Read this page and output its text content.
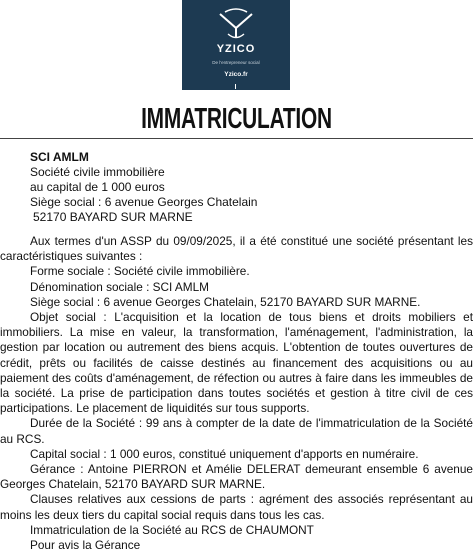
YZICO
De l'entrepreneur social
Yzico.fr
IMMATRICULATION
SCI AMLM
Société civile immobilière
au capital de 1 000 euros
Siège social : 6 avenue Georges Chatelain
52170 BAYARD SUR MARNE

Aux termes d'un ASSP du 09/09/2025, il a été constitué une société présentant les caractéristiques suivantes :

Forme sociale : Société civile immobilière.

Dénomination sociale : SCI AMLM

Siège social : 6 avenue Georges Chatelain, 52170 BAYARD SUR MARNE.

Objet social : L'acquisition et la location de tous biens et droits mobiliers et immobiliers. La mise en valeur, la transformation, l'aménagement, l'administration, la gestion par location ou autrement des biens acquis. L'obtention de toutes ouvertures de crédit, prêts ou facilités de caisse destinés au financement des acquisitions ou au paiement des coûts d'aménagement, de réfection ou autres à faire dans les immeubles de la société. La prise de participation dans toutes sociétés et gestion à titre civil de ces participations. Le placement de liquidités sur tous supports.

Durée de la Société : 99 ans à compter de la date de l'immatriculation de la Société au RCS.

Capital social : 1 000 euros, constitué uniquement d'apports en numéraire.

Gérance : Antoine PIERRON et Amélie DELERAT demeurant ensemble 6 avenue Georges Chatelain, 52170 BAYARD SUR MARNE.

Clauses relatives aux cessions de parts : agrément des associés représentant au moins les deux tiers du capital social requis dans tous les cas.

Immatriculation de la Société au RCS de CHAUMONT

Pour avis la Gérance
